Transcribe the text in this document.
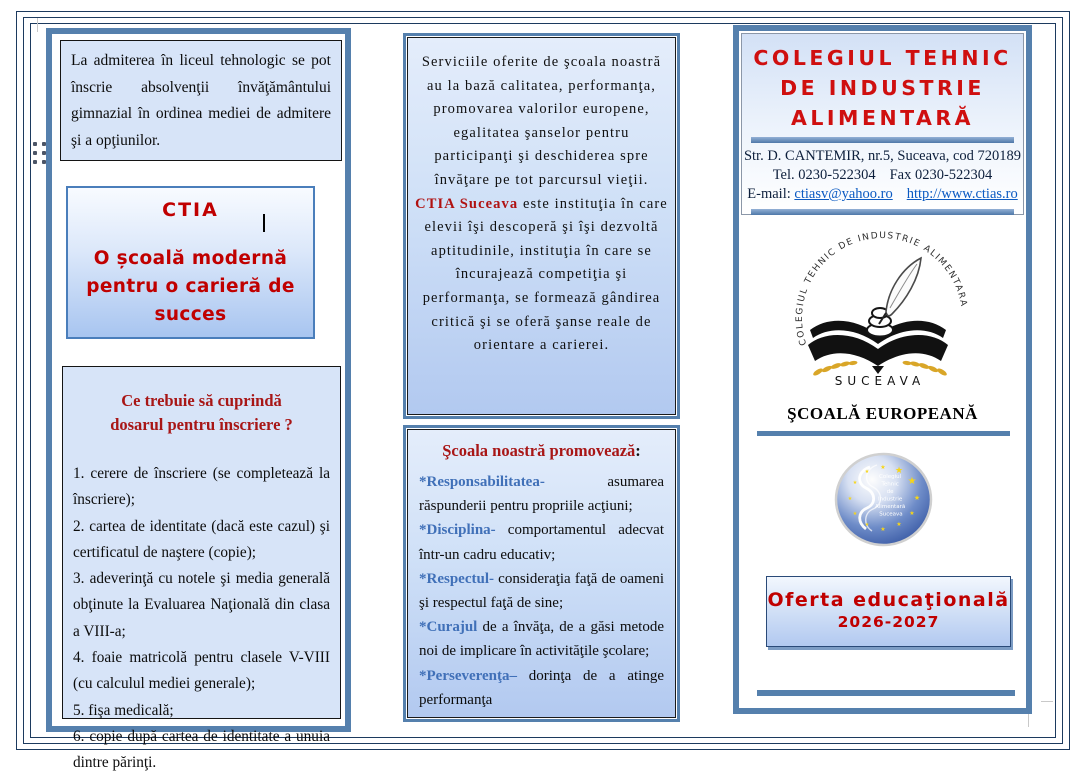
La admiterea în liceul tehnologic se pot înscrie absolvenţii învăţământului gimnazial în ordinea mediei de admitere şi a opţiunilor.
CTIA
O școală modernă pentru o carieră de succes
Ce trebuie să cuprindă
dosarul pentru înscriere ?
1. cerere de înscriere (se completează la înscriere);
2. cartea de identitate (dacă este cazul) şi certificatul de naştere (copie);
3. adeverinţă cu notele şi media generală obţinute la Evaluarea Naţională din clasa a VIII-a;
4. foaie matricolă pentru clasele V-VIII (cu calculul mediei generale);
5. fişa medicală;
6. copie după cartea de identitate a unuia dintre părinţi.
Serviciile oferite de şcoala noastră au la bază calitatea, performanţa, promovarea valorilor europene, egalitatea şanselor pentru participanţi şi deschiderea spre învăţare pe tot parcursul vieţii. CTIA Suceava este instituţia în care elevii îşi descoperă şi îşi dezvoltă aptitudinile, instituţia în care se încurajează competiţia şi performanţa, se formează gândirea critică şi se oferă şanse reale de orientare a carierei.
Şcoala noastră promovează:
*Responsabilitatea- asumarea răspunderii pentru propriile acţiuni;
*Disciplina- comportamentul adecvat într-un cadru educativ;
*Respectul- consideraţia faţă de oameni şi respectul faţă de sine;
*Curajul de a învăţa, de a găsi metode noi de implicare în activităţile şcolare;
*Perseverenţa– dorinţa de a atinge performanţa
COLEGIUL TEHNIC
DE INDUSTRIE
ALIMENTARĂ
Str. D. CANTEMIR, nr.5, Suceava, cod 720189
Tel. 0230-522304 Fax 0230-522304
E-mail: ctiasv@yahoo.ro http://www.ctias.ro
COLEGIUL TEHNIC DE INDUSTRIE ALIMENTARA
SUCEAVA
ŞCOALĂ EUROPEANĂ
★ ★
★
★
★
★
★
★
★
★
★
★
Colegiul Tehnic de Industrie Alimentară Suceava
Oferta educaţională
2026-2027
